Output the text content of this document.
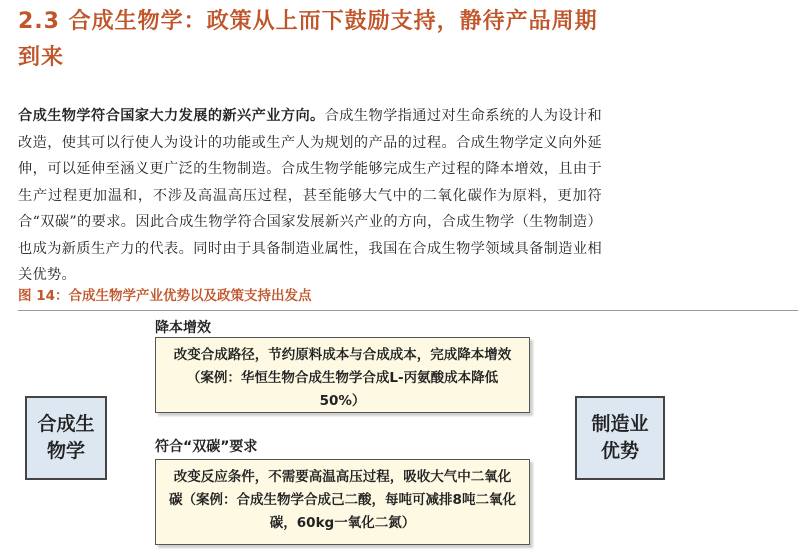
2.3 合成生物学：政策从上而下鼓励支持，静待产品周期到来
合成生物学符合国家大力发展的新兴产业方向。合成生物学指通过对生命系统的人为设计和改造，使其可以行使人为设计的功能或生产人为规划的产品的过程。合成生物学定义向外延伸，可以延伸至涵义更广泛的生物制造。合成生物学能够完成生产过程的降本增效，且由于生产过程更加温和，不涉及高温高压过程，甚至能够大气中的二氧化碳作为原料，更加符合“双碳”的要求。因此合成生物学符合国家发展新兴产业的方向，合成生物学（生物制造）也成为新质生产力的代表。同时由于具备制造业属性，我国在合成生物学领域具备制造业相关优势。
图 14：合成生物学产业优势以及政策支持出发点
合成生物学
降本增效
改变合成路径，节约原料成本与合成成本，完成降本增效（案例：华恒生物合成生物学合成L-丙氨酸成本降低50%）
符合“双碳”要求
改变反应条件，不需要高温高压过程，吸收大气中二氧化碳（案例：合成生物学合成己二酸，每吨可减排8吨二氧化碳，60kg一氧化二氮）
制造业优势
